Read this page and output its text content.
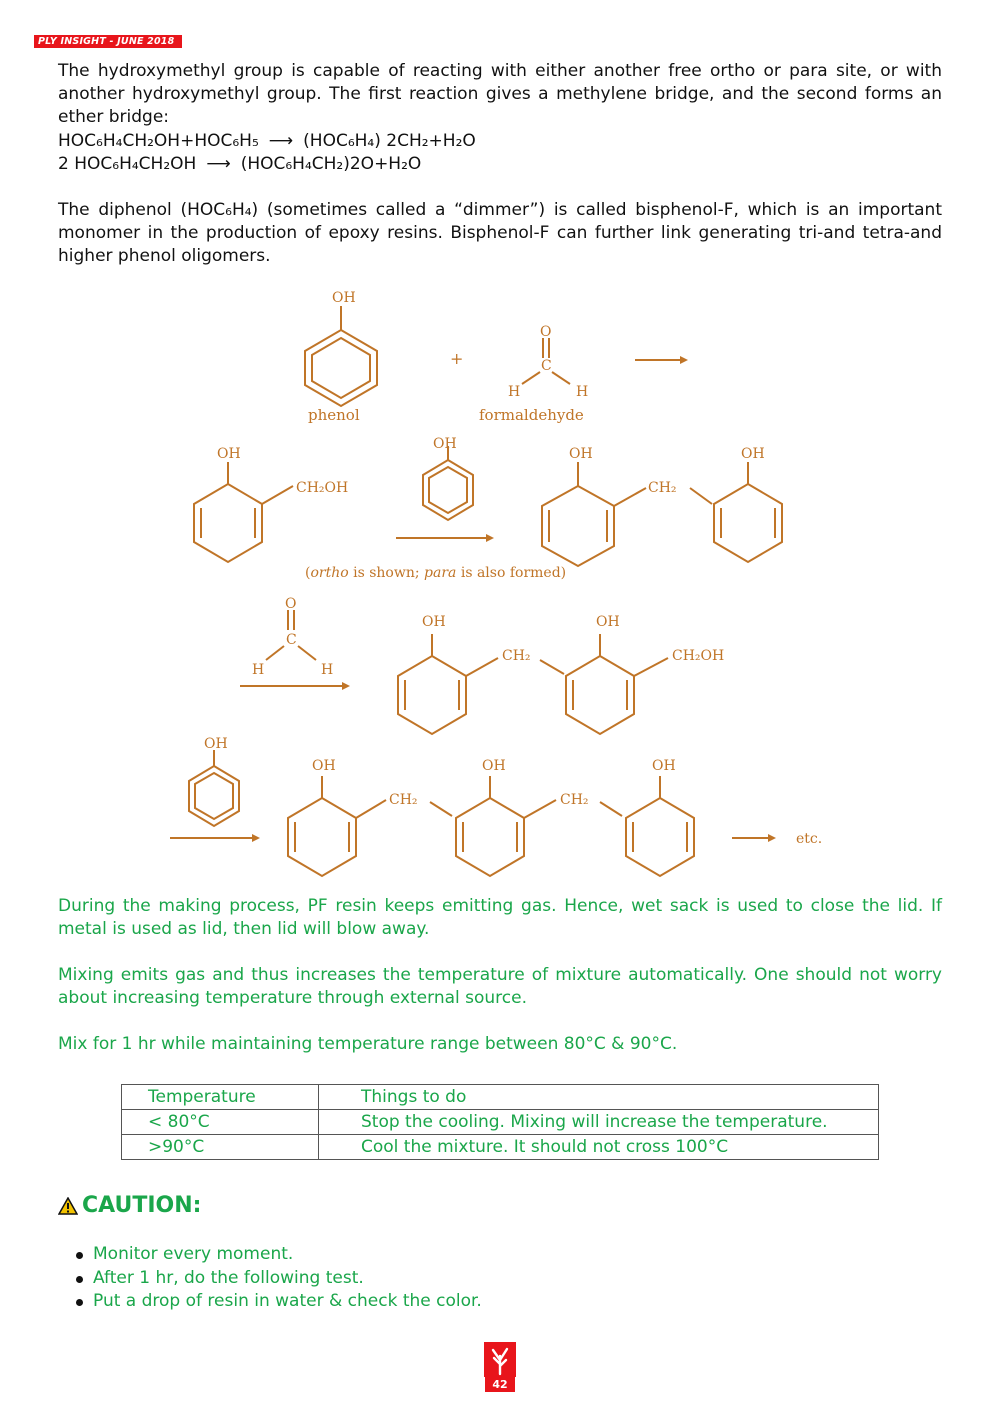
PLY INSIGHT - JUNE 2018

The hydroxymethyl group is capable of reacting with either another free ortho or para site, or with another hydroxymethyl group. The first reaction gives a methylene bridge, and the second forms an ether bridge:

HOC₆H₄CH₂OH+HOC₆H₅ ⟶ (HOC₆H₄) 2CH₂+H₂O
2 HOC₆H₄CH₂OH ⟶ (HOC₆H₄CH₂)2O+H₂O

The diphenol (HOC₆H₄) (sometimes called a “dimmer”) is called bisphenol-F, which is an important monomer in the production of epoxy resins. Bisphenol-F can further link generating tri-and tetra-and higher phenol oligomers.

OH
O
C
H	H
+
phenol	formaldehyde
OH
CH₂OH
OH
OH
CH₂
OH
(ortho is shown; para is also formed)
O
C
H	H
OH
CH₂
OH
CH₂OH
OH
OH
CH₂
OH
CH₂
OH
etc.

During the making process, PF resin keeps emitting gas. Hence, wet sack is used to close the lid. If metal is used as lid, then lid will blow away.

Mixing emits gas and thus increases the temperature of mixture automatically. One should not worry about increasing temperature through external source.

Mix for 1 hr while maintaining temperature range between 80°C & 90°C.

Temperature	Things to do
< 80°C	Stop the cooling. Mixing will increase the temperature.
>90°C	Cool the mixture. It should not cross 100°C
CAUTION:
Monitor every moment.
After 1 hr, do the following test.
Put a drop of resin in water & check the color.
42
